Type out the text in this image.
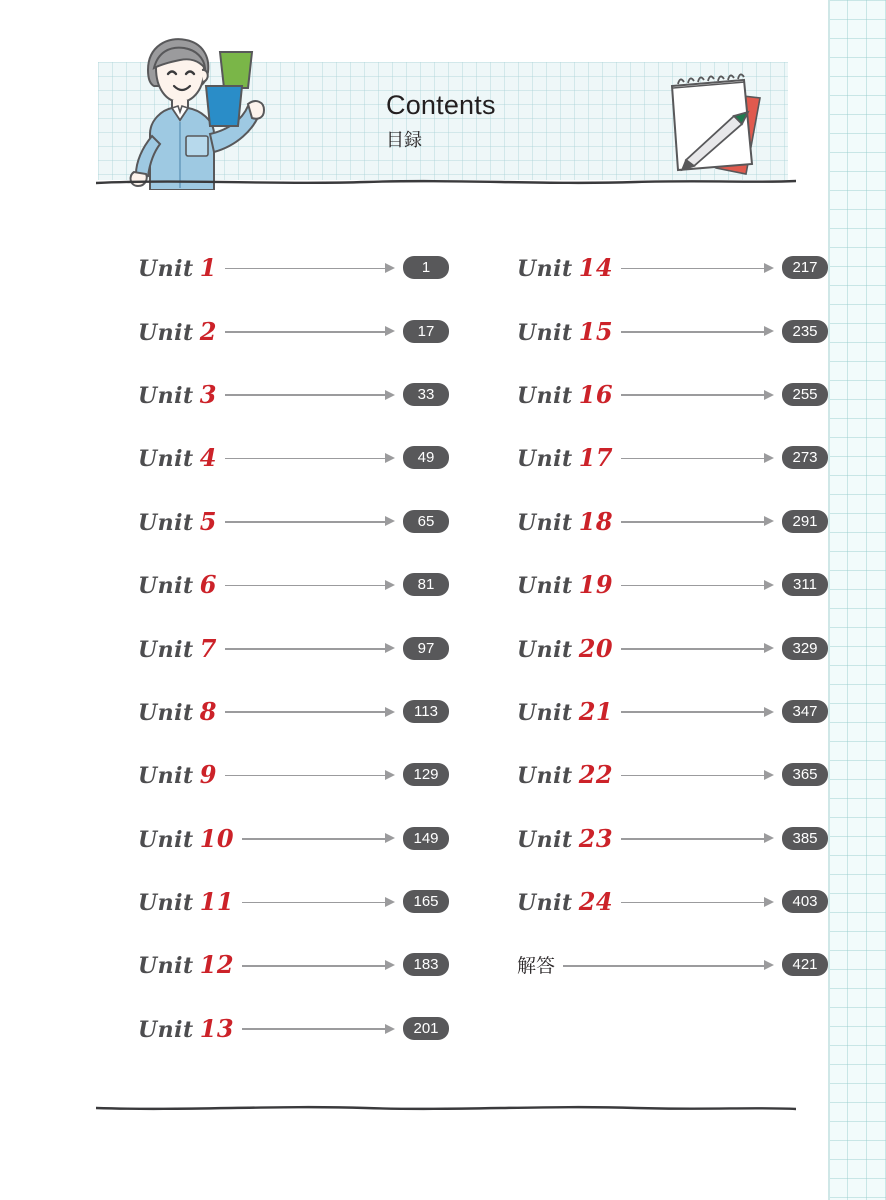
Contents
目録
Unit 1	1
Unit 2	17
Unit 3	33
Unit 4	49
Unit 5	65
Unit 6	81
Unit 7	97
Unit 8	113
Unit 9	129
Unit 10	149
Unit 11	165
Unit 12	183
Unit 13	201
Unit 14	217
Unit 15	235
Unit 16	255
Unit 17	273
Unit 18	291
Unit 19	311
Unit 20	329
Unit 21	347
Unit 22	365
Unit 23	385
Unit 24	403
解答	421
